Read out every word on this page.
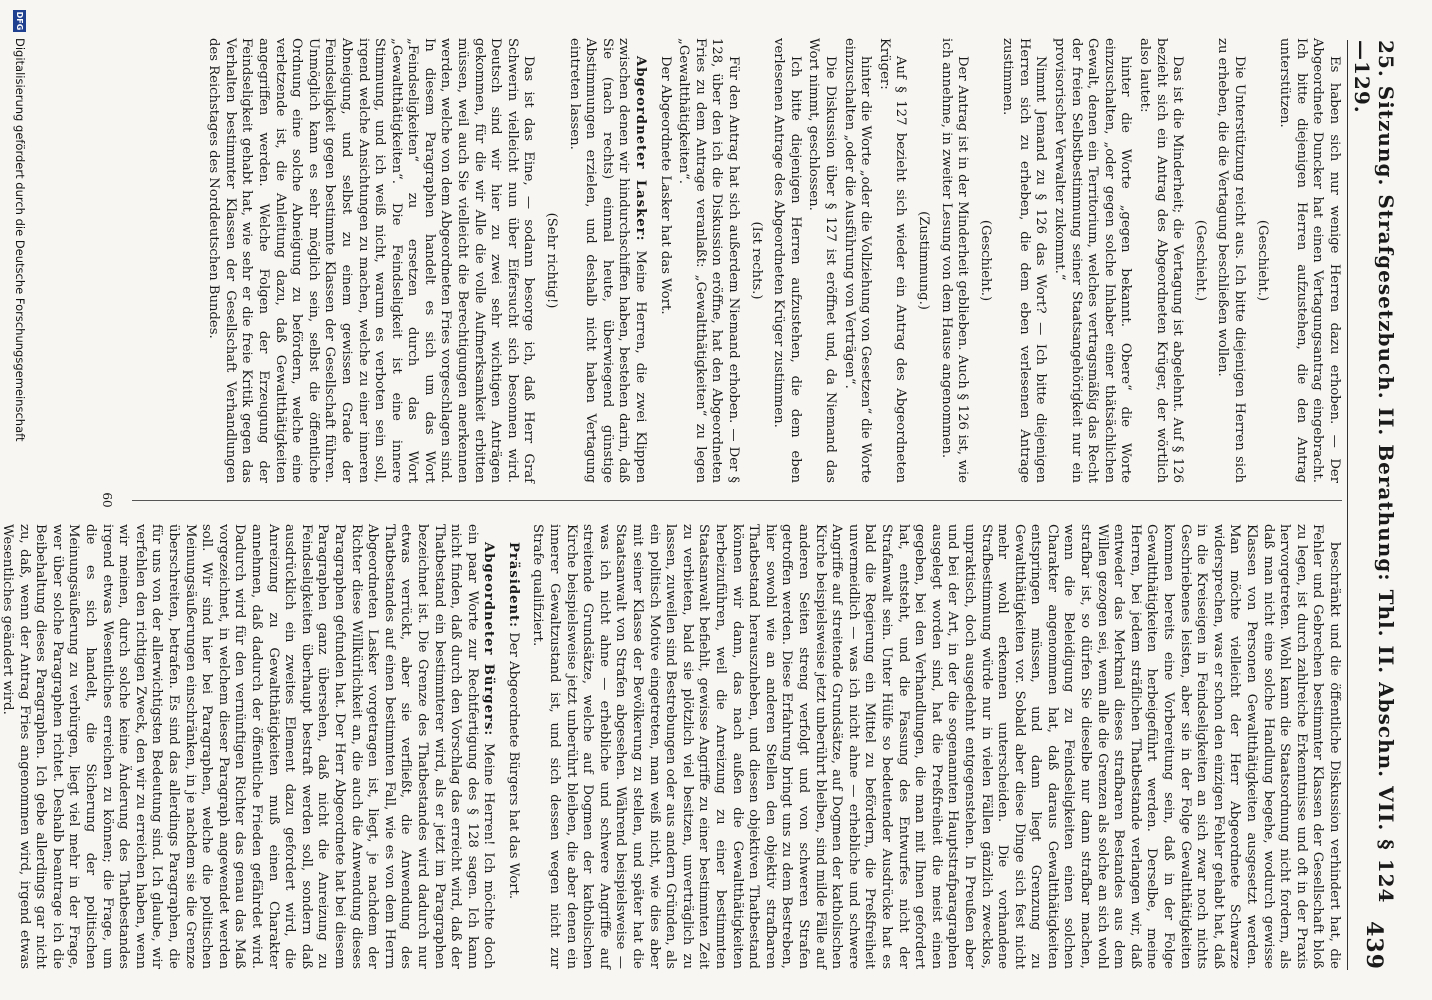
25. Sitzung. Strafgesetzbuch. II. Berathung: Thl. II. Abschn. VII. § 124—129.
439

Es haben sich nur wenige Herren dazu erhoben. — Der Abgeordnete Duncker hat einen Vertagungsantrag eingebracht. Ich bitte diejenigen Herren aufzustehen, die den Antrag unterstützen.

(Geschieht.)

Die Unterstützung reicht aus. Ich bitte diejenigen Herren sich zu erheben, die die Vertagung beschließen wollen.

(Geschieht.)

Das ist die Minderheit; die Vertagung ist abgelehnt. Auf § 126 bezieht sich ein Antrag des Abgeordneten Krüger, der wörtlich also lautet:

hinter die Worte „gegen bekannt. Obere“ die Worte einzuschalten, „oder gegen solche Inhaber einer thätsächlichen Gewalt, denen ein Territorium, welches vertragsmäßig das Recht der freien Selbstbestimmung seiner Staatsangehörigkeit nur ein provisorischer Verwalter zukommt.“

Nimmt Jemand zu § 126 das Wort? — Ich bitte diejenigen Herren sich zu erheben, die dem eben verlesenen Antrage zustimmen.

(Geschieht.)

Der Antrag ist in der Minderheit geblieben. Auch § 126 ist, wie ich annehme, in zweiter Lesung von dem Hause angenommen.

(Zustimmung.)

Auf § 127 bezieht sich wieder ein Antrag des Abgeordneten Krüger:

hinter die Worte „oder die Vollziehung von Gesetzen“ die Worte einzuschalten „oder die Ausführung von Verträgen“.

Die Diskussion über § 127 ist eröffnet und, da Niemand das Wort nimmt, geschlossen.

Ich bitte diejenigen Herren aufzustehen, die dem eben verlesenen Antrage des Abgeordneten Krüger zustimmen.

(Ist rechts.)

Für den Antrag hat sich außerdem Niemand erhoben. — Der § 128, über den ich die Diskussion eröffne, hat den Abgeordneten Fries zu dem Antrage veranlaßt: „Gewaltthätigkeiten“ zu legen „Gewaltthätigkeiten“.

Der Abgeordnete Lasker hat das Wort.

Abgeordneter Lasker: Meine Herren, die zwei Klippen zwischen denen wir hindurchschiffen haben, bestehen darin, daß Sie (nach rechts) einmal heute, überwiegend günstige Abstimmungen erzielen, und deshalb nicht haben Vertagung eintreten lassen.

(Sehr richtig!)

Das ist das Eine, — sodann besorge ich, daß Herr Graf Schwerin vielleicht nun über Eifersucht sich besonnen wird. Deutsch sind wir hier zu zwei sehr wichtigen Anträgen gekommen, für die wir Alle die volle Aufmerksamkeit erbitten müssen, weil auch Sie vielleicht die Berechtigungen anerkennen werden, welche von dem Abgeordneten Fries vorgeschlagen sind. In diesem Paragraphen handelt es sich um das Wort „Feindseligkeiten“ zu ersetzen durch das Wort „Gewaltthätigkeiten“. Die Feindseligkeit ist eine innere Stimmung, und ich weiß nicht, warum es verboten sein soll, irgend welche Ansichtungen zu machen, welche zu einer inneren Abneigung, und selbst zu einem gewissen Grade der Feindseligkeit gegen bestimmte Klassen der Gesellschaft führen. Unmöglich kann es sehr möglich sein, selbst die öffentliche Ordnung eine solche Abneigung zu befördern, welche eine verletzende ist, die Anleitung dazu, daß Gewaltthätigkeiten angegriffen werden. Welche Folgen der Erzeugung der Feindseligkeit gehabt hat, wie sehr er die freie Kritik gegen das Verhalten bestimmter Klassen der Gesellschaft Verhandlungen des Reichstages des Norddeutschen Bundes.

beschränkt und die öffentliche Diskussion verhindert hat, die Fehler und Gebrechen bestimmter Klassen der Gesellschaft bloß zu legen, ist durch zahlreiche Erkenntnisse und oft in der Praxis hervorgetreten. Wohl kann die Staatsordnung nicht fordern, als daß man nicht eine solche Handlung begehe, wodurch gewisse Klassen von Personen Gewaltthätigkeiten ausgesetzt werden. Man möchte vielleicht der Herr Abgeordnete Schwarze widersprechen, was er schon den einzigen Fehler gehabt hat, daß in die Kreiseigen in Feindseligkeiten an sich zwar noch nichts Geschriebenes leisten, aber sie in der Folge Gewaltthätigkeiten kommen bereits eine Vorbereitung sein, daß in der Folge Gewaltthätigkeiten herbeigeführt werden. Derselbe, meine Herren, bei jedem sträflichen Thatbestande verlangen wir, daß entweder das Merkmal dieses strafbaren Bestandes aus dem Willen gezogen sei, wenn alle die Grenzen als solche an sich wohl strafbar ist, so dürfen Sie dieselbe nur dann strafbar machen, wenn die Beleidigung zu Feindseligkeiten einen solchen Charakter angenommen hat, daß daraus Gewaltthätigkeiten entspringen müssen, und dann liegt Grenzung zu Gewaltthätigkeiten vor. Sobald aber diese Dinge sich fest nicht mehr wohl erkennen unterscheiden. Die vorhandene Strafbestimmung würde nur in vielen Fällen gänzlich zwecklos, unpraktisch, doch ausgedehnt entgegenstehen. In Preußen aber und bei der Art, in der die sogenannten Hauptstrafparagraphen ausgelegt worden sind, hat die Preßfreiheit die meist einen gegeben, bei den Verhandlungen, die man mit Ihnen gefordert hat, entsteht, und die Fassung des Entwurfes nicht der Strafanwalt sein. Unter Hülfe so bedeutender Ausdrücke hat es bald die Regierung ein Mittel zu befördern, die Preßfreiheit unvermeidlich — was ich nicht ahne — erhebliche und schwere Angriffe auf streitende Grundsätze, auf Dogmen der katholischen Kirche beispielsweise jetzt unberührt bleiben, sind milde Fälle auf anderen Seiten streng verfolgt und von schweren Strafen getroffen werden. Diese Erfahrung bringt uns zu dem Bestreben, hier sowohl wie an anderen Stellen den objektiv strafbaren Thatbestand herauszuheben, und diesen objektiven Thatbestand können wir dann, das nach außen die Gewaltthätigkeiten herbeizuführen, weil die Anreizung zu einer bestimmten Staatsanwalt befiehlt, gewisse Angriffe zu einer bestimmten Zeit zu verbieten, bald sie plötzlich viel besitzen, unverträglich zu lassen, zuweilen sind Bestrebungen oder aus andern Gründen, als ein politisch Motive eingetreten, man weiß nicht, wie dies aber mit seiner Klasse der Bevölkerung zu stellen, und später hat die Staatsanwalt von Strafen abgesehen. Während beispielsweise — was ich nicht ahne — erhebliche und schwere Angriffe auf streitende Grundsätze, welche auf Dogmen der katholischen Kirche beispielsweise jetzt unberührt bleiben, die aber denen ein innerer Gewaltzustand ist, und sich dessen wegen nicht zur Strafe qualifiziert.

Präsident: Der Abgeordnete Bürgers hat das Wort.

Abgeordneter Bürgers: Meine Herren! Ich möchte doch ein paar Worte zur Rechtfertigung des § 128 sagen. Ich kann nicht finden, daß durch den Vorschlag das erreicht wird, daß der Thatbestand ein bestimmterer wird, als er jetzt im Paragraphen bezeichnet ist. Die Grenze des Thatbestandes wird dadurch nur etwas verrückt, aber sie verfließt, die Anwendung des Thatbestandes auf einen bestimmten Fall, wie es von dem Herrn Abgeordneten Lasker vorgetragen ist, liegt, je nachdem der Richter diese Willkürlichkeit an, die auch die Anwendung dieses Paragraphen gefunden hat. Der Herr Abgeordnete hat bei diesem Paragraphen ganz übersehen, daß nicht die Anreizung zu Feindseligkeiten überhaupt bestraft werden soll, sondern daß ausdrücklich ein zweites Element dazu gefordert wird, die Anreizung zu Gewaltthätigkeiten muß einen Charakter annehmen, daß dadurch der öffentliche Frieden gefährdet wird. Dadurch wird für den vernünftigen Richter das genau das Maß vorgezeichnet, in welchem dieser Paragraph angewendet werden soll. Wir sind hier bei Paragraphen, welche die politischen Meinungsäußerungen einschränken, in je nachdem sie die Grenze überschreiten, betrafen. Es sind das allerdings Paragraphen, die für uns von der allerwichtigsten Bedeutung sind. Ich glaube, wir verfehlen den richtigen Zweck, den wir zu erreichen haben, wenn wir meinen, durch solche keine Änderung des Thatbestandes irgend etwas Wesentliches erreichen zu können; die Frage, um die es sich handelt, die Sicherung der politischen Meinungsäußerung zu verbürgen, liegt viel mehr in der Frage, wer über solche Paragraphen richtet. Deshalb beantrage ich die Beibehaltung dieses Paragraphen. Ich gebe allerdings gar nicht zu, daß, wenn der Antrag Fries angenommen wird, irgend etwas Wesentliches geändert wird.

60
DFG
Digitalisierung gefördert durch die Deutsche Forschungsgemeinschaft
